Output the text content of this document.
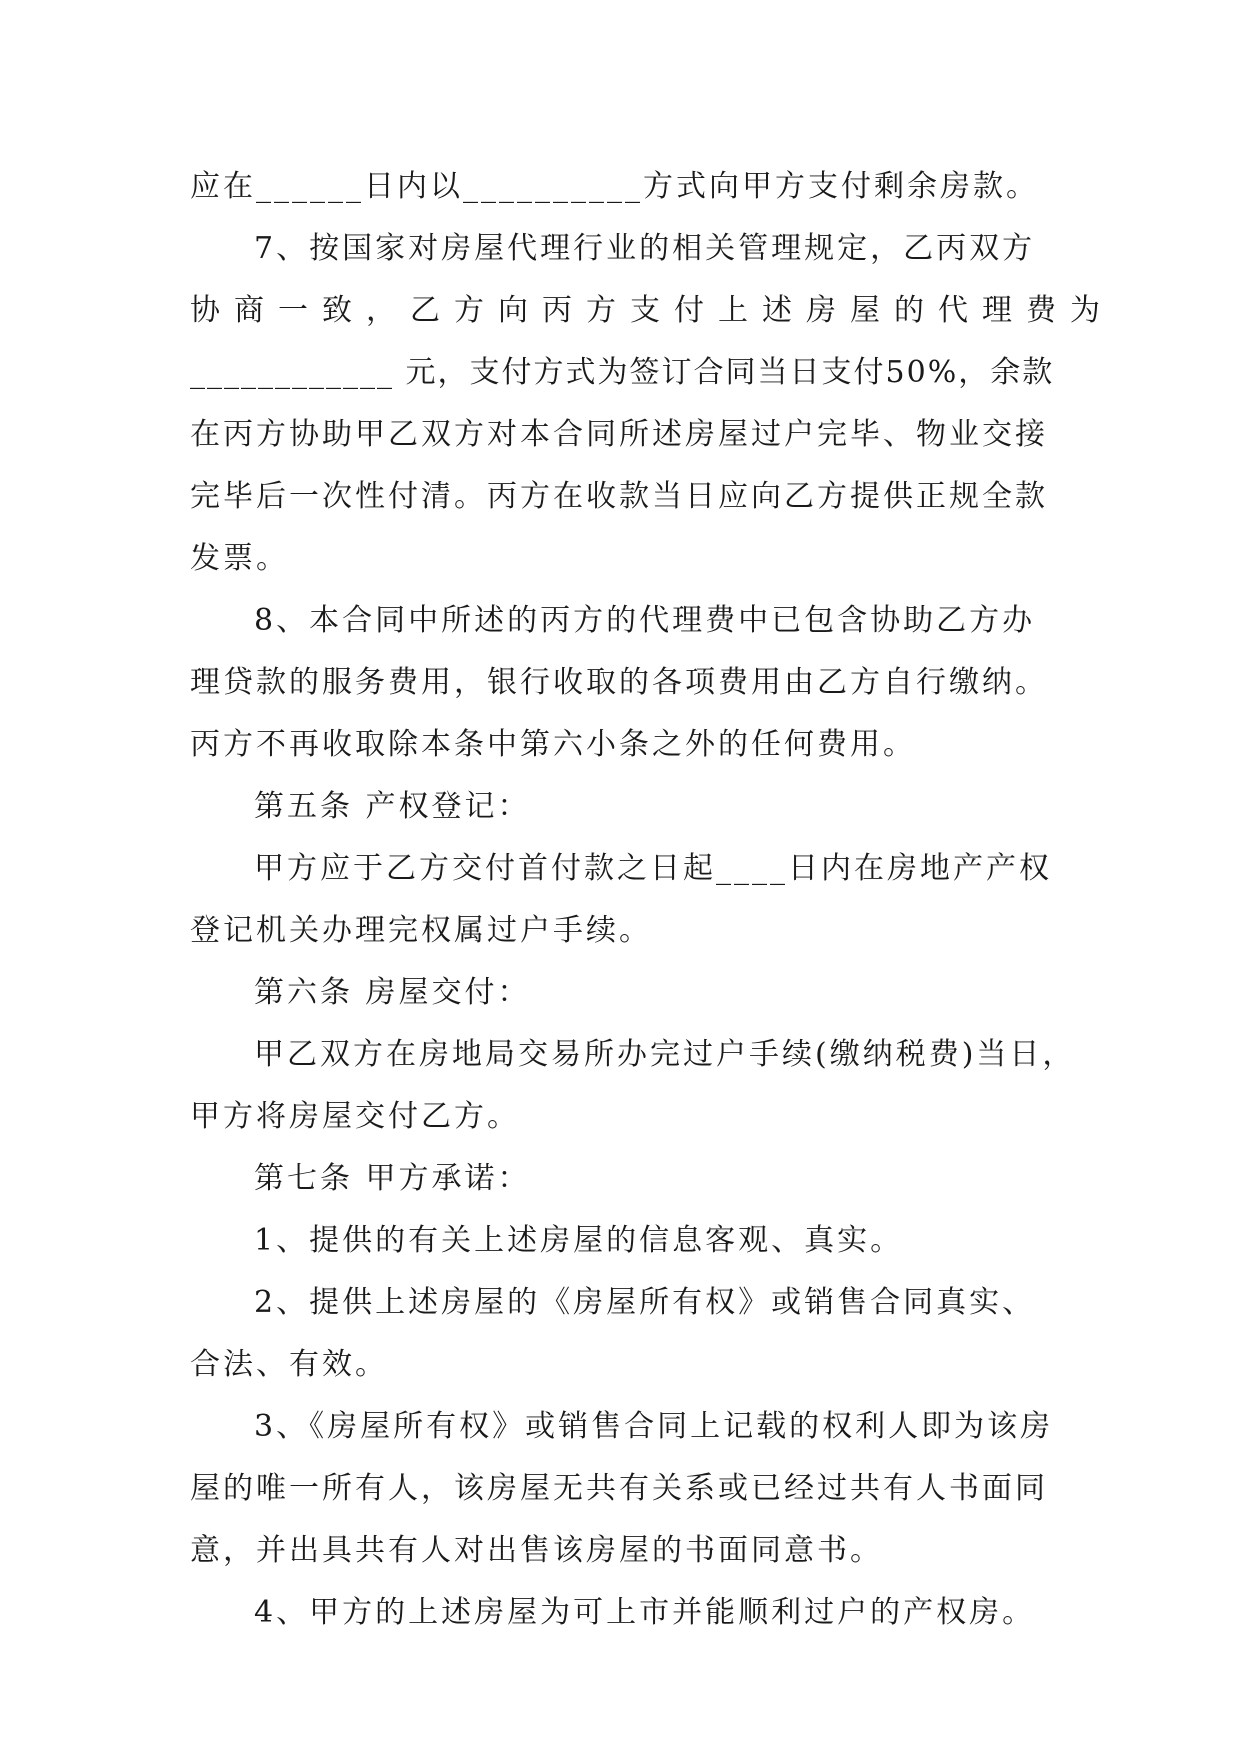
应在______日内以__________方式向甲方支付剩余房款。
7、按国家对房屋代理行业的相关管理规定，乙丙双方
协商一致，乙方向丙方支付上述房屋的代理费为
____________ 元，支付方式为签订合同当日支付50%，余款
在丙方协助甲乙双方对本合同所述房屋过户完毕、物业交接
完毕后一次性付清。丙方在收款当日应向乙方提供正规全款
发票。
8、本合同中所述的丙方的代理费中已包含协助乙方办
理贷款的服务费用，银行收取的各项费用由乙方自行缴纳。
丙方不再收取除本条中第六小条之外的任何费用。
第五条 产权登记：
甲方应于乙方交付首付款之日起____日内在房地产产权
登记机关办理完权属过户手续。
第六条 房屋交付：
甲乙双方在房地局交易所办完过户手续(缴纳税费)当日，
甲方将房屋交付乙方。
第七条 甲方承诺：
1、提供的有关上述房屋的信息客观、真实。
2、提供上述房屋的《房屋所有权》或销售合同真实、
合法、有效。
3、《房屋所有权》或销售合同上记载的权利人即为该房
屋的唯一所有人，该房屋无共有关系或已经过共有人书面同
意，并出具共有人对出售该房屋的书面同意书。
4、甲方的上述房屋为可上市并能顺利过户的产权房。
